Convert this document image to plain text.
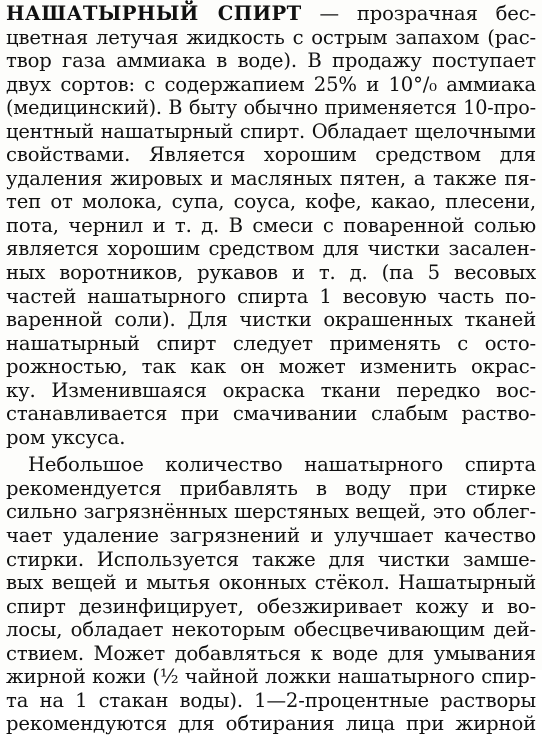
НАШАТЫРНЫЙ СПИРТ — прозрачная бес-
цветная летучая жидкость с острым запахом (рас-
твор газа аммиака в воде). В продажу поступает
двух сортов: с содержапием 25% и 10°/₀ аммиака
(медицинский). В быту обычно применяется 10-про-
центный нашатырный спирт. Обладает щелочными
свойствами. Является хорошим средством для
удаления жировых и масляных пятен, а также пя-
теп от молока, супа, соуса, кофе, какао, плесени,
пота, чернил и т. д. В смеси с поваренной солью
является хорошим средством для чистки засален-
ных воротников, рукавов и т. д. (па 5 весовых
частей нашатырного спирта 1 весовую часть по-
варенной соли). Для чистки окрашенных тканей
нашатырный спирт следует применять с осто-
рожностью, так как он может изменить окрас-
ку. Изменившаяся окраска ткани передко вос-
станавливается при смачивании слабым раство-
ром уксуса.
Небольшое количество нашатырного спирта
рекомендуется прибавлять в воду при стирке
сильно загрязнённых шерстяных вещей, это облег-
чает удаление загрязнений и улучшает качество
стирки. Используется также для чистки замше-
вых вещей и мытья оконных стёкол. Нашатырный
спирт дезинфицирует, обезжиривает кожу и во-
лосы, обладает некоторым обесцвечивающим дей-
ствием. Может добавляться к воде для умывания
жирной кожи (½ чайной ложки нашатырного спир-
та на 1 стакан воды). 1—2-процентные растворы
рекомендуются для обтирания лица при жирной
